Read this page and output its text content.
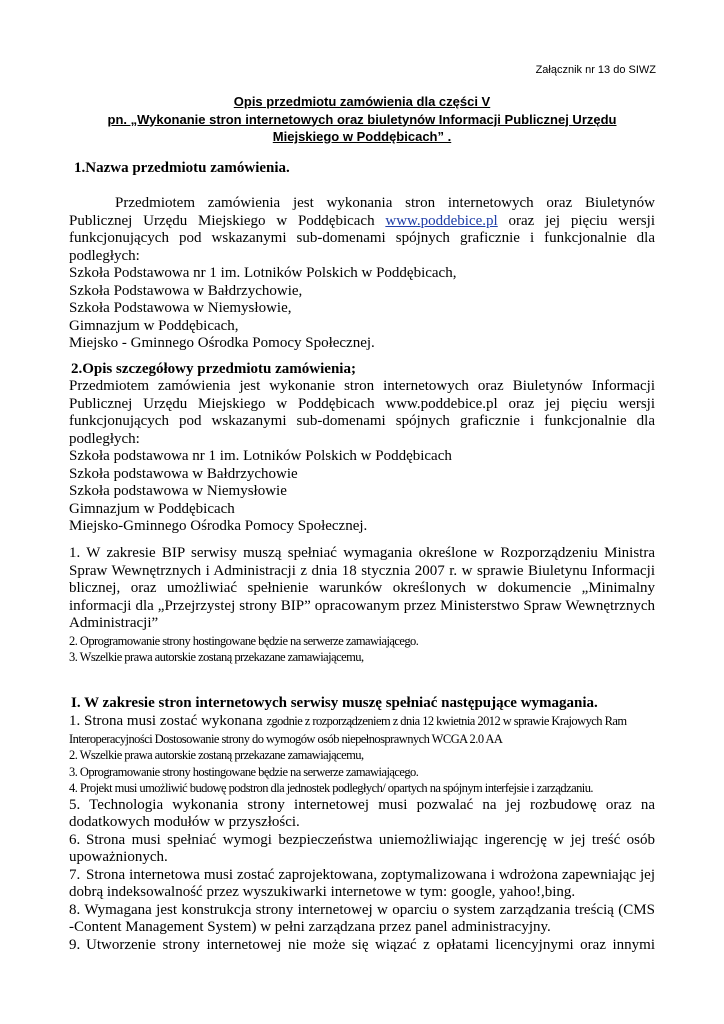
Załącznik nr 13 do SIWZ
Opis przedmiotu zamówienia dla części V
pn. „Wykonanie stron internetowych oraz biuletynów Informacji Publicznej Urzędu
Miejskiego w Poddębicach” .
1.Nazwa przedmiotu zamówienia.
Przedmiotem zamówienia jest wykonania stron internetowych oraz Biuletynów
Publicznej Urzędu Miejskiego w Poddębicach www.poddebice.pl oraz jej pięciu wersji
funkcjonujących pod wskazanymi sub-domenami spójnych graficznie i funkcjonalnie dla
podległych:
Szkoła Podstawowa nr 1 im. Lotników Polskich w Poddębicach,
Szkoła Podstawowa w Bałdrzychowie,
Szkoła Podstawowa w Niemysłowie,
Gimnazjum w Poddębicach,
Miejsko - Gminnego Ośrodka Pomocy Społecznej.
2.Opis szczegółowy przedmiotu zamówienia;
Przedmiotem zamówienia jest wykonanie stron internetowych oraz Biuletynów Informacji
Publicznej Urzędu Miejskiego w Poddębicach www.poddebice.pl oraz jej pięciu wersji
funkcjonujących pod wskazanymi sub-domenami spójnych graficznie i funkcjonalnie dla
podległych:
Szkoła podstawowa nr 1 im. Lotników Polskich w Poddębicach
Szkoła podstawowa w Bałdrzychowie
Szkoła podstawowa w Niemysłowie
Gimnazjum w Poddębicach
Miejsko-Gminnego Ośrodka Pomocy Społecznej.
1. W zakresie BIP serwisy muszą spełniać wymagania określone w Rozporządzeniu Ministra
Spraw Wewnętrznych i Administracji z dnia 18 stycznia 2007 r. w sprawie Biuletynu Informacji
blicznej, oraz umożliwiać spełnienie warunków określonych w dokumencie „Minimalny
informacji dla „Przejrzystej strony BIP” opracowanym przez Ministerstwo Spraw Wewnętrznych
Administracji”
2. Oprogramowanie strony hostingowane będzie na serwerze zamawiającego.
3. Wszelkie prawa autorskie zostaną przekazane zamawiającemu,
I. W zakresie stron internetowych serwisy muszę spełniać następujące wymagania.
1. Strona musi zostać wykonana zgodnie z rozporządzeniem z dnia 12 kwietnia 2012 w sprawie Krajowych Ram
Interoperacyjności Dostosowanie strony do wymogów osób niepełnosprawnych WCGA 2.0 AA
2. Wszelkie prawa autorskie zostaną przekazane zamawiającemu,
3. Oprogramowanie strony hostingowane będzie na serwerze zamawiającego.
4. Projekt musi umożliwić budowę podstron dla jednostek podległych/ opartych na spójnym interfejsie i zarządzaniu.
5. Technologia wykonania strony internetowej musi pozwalać na jej rozbudowę oraz na
dodatkowych modułów w przyszłości.
6. Strona musi spełniać wymogi bezpieczeństwa uniemożliwiając ingerencję w jej treść osób
upoważnionych.
7. Strona internetowa musi zostać zaprojektowana, zoptymalizowana i wdrożona zapewniając jej
dobrą indeksowalność przez wyszukiwarki internetowe w tym: google, yahoo!,bing.
8. Wymagana jest konstrukcja strony internetowej w oparciu o system zarządzania treścią (CMS
-Content Management System) w pełni zarządzana przez panel administracyjny.
9. Utworzenie strony internetowej nie może się wiązać z opłatami licencyjnymi oraz innymi
